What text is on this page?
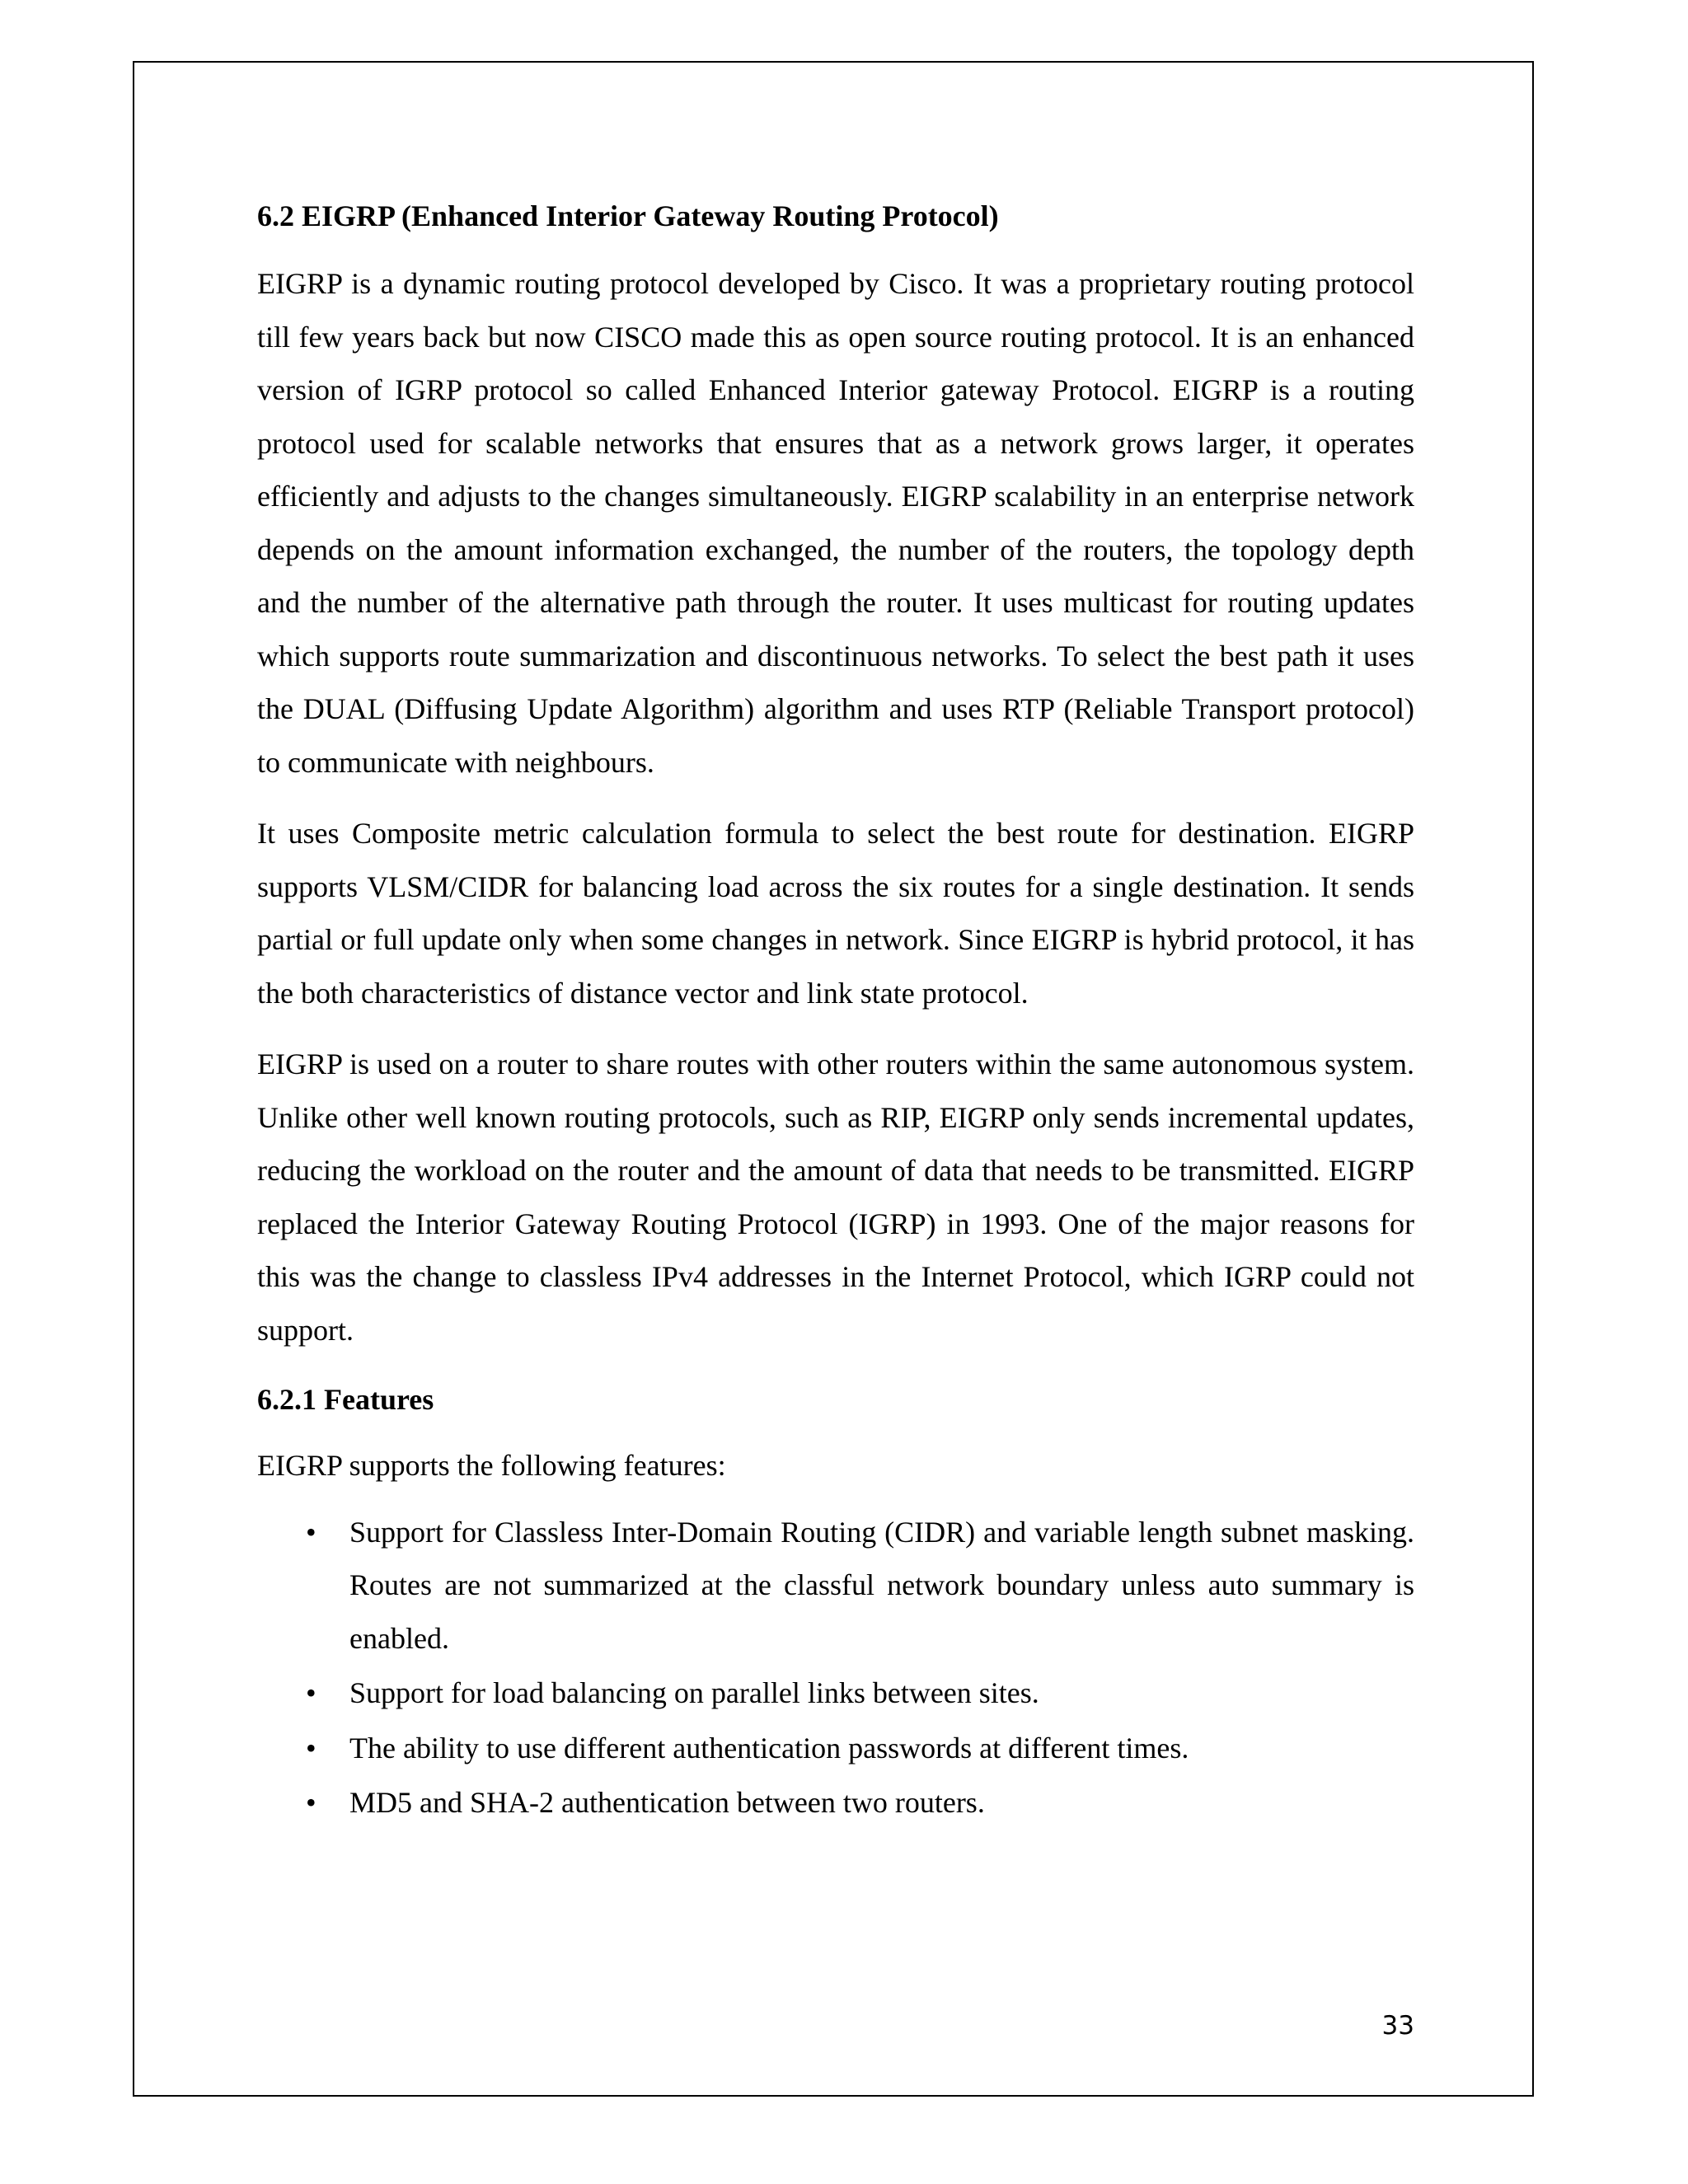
6.2 EIGRP (Enhanced Interior Gateway Routing Protocol)

EIGRP is a dynamic routing protocol developed by Cisco. It was a proprietary routing protocol till few years back but now CISCO made this as open source routing protocol. It is an enhanced version of IGRP protocol so called Enhanced Interior gateway Protocol. EIGRP is a routing protocol used for scalable networks that ensures that as a network grows larger, it operates efficiently and adjusts to the changes simultaneously. EIGRP scalability in an enterprise network depends on the amount information exchanged, the number of the routers, the topology depth and the number of the alternative path through the router. It uses multicast for routing updates which supports route summarization and discontinuous networks. To select the best path it uses the DUAL (Diffusing Update Algorithm) algorithm and uses RTP (Reliable Transport protocol) to communicate with neighbours.

It uses Composite metric calculation formula to select the best route for destination. EIGRP supports VLSM/CIDR for balancing load across the six routes for a single destination. It sends partial or full update only when some changes in network. Since EIGRP is hybrid protocol, it has the both characteristics of distance vector and link state protocol.

EIGRP is used on a router to share routes with other routers within the same autonomous system. Unlike other well known routing protocols, such as RIP, EIGRP only sends incremental updates, reducing the workload on the router and the amount of data that needs to be transmitted. EIGRP replaced the Interior Gateway Routing Protocol (IGRP) in 1993. One of the major reasons for this was the change to classless IPv4 addresses in the Internet Protocol, which IGRP could not support.

6.2.1 Features

EIGRP supports the following features:

• Support for Classless Inter-Domain Routing (CIDR) and variable length subnet masking. Routes are not summarized at the classful network boundary unless auto summary is enabled.
• Support for load balancing on parallel links between sites.
• The ability to use different authentication passwords at different times.
• MD5 and SHA-2 authentication between two routers.
33
